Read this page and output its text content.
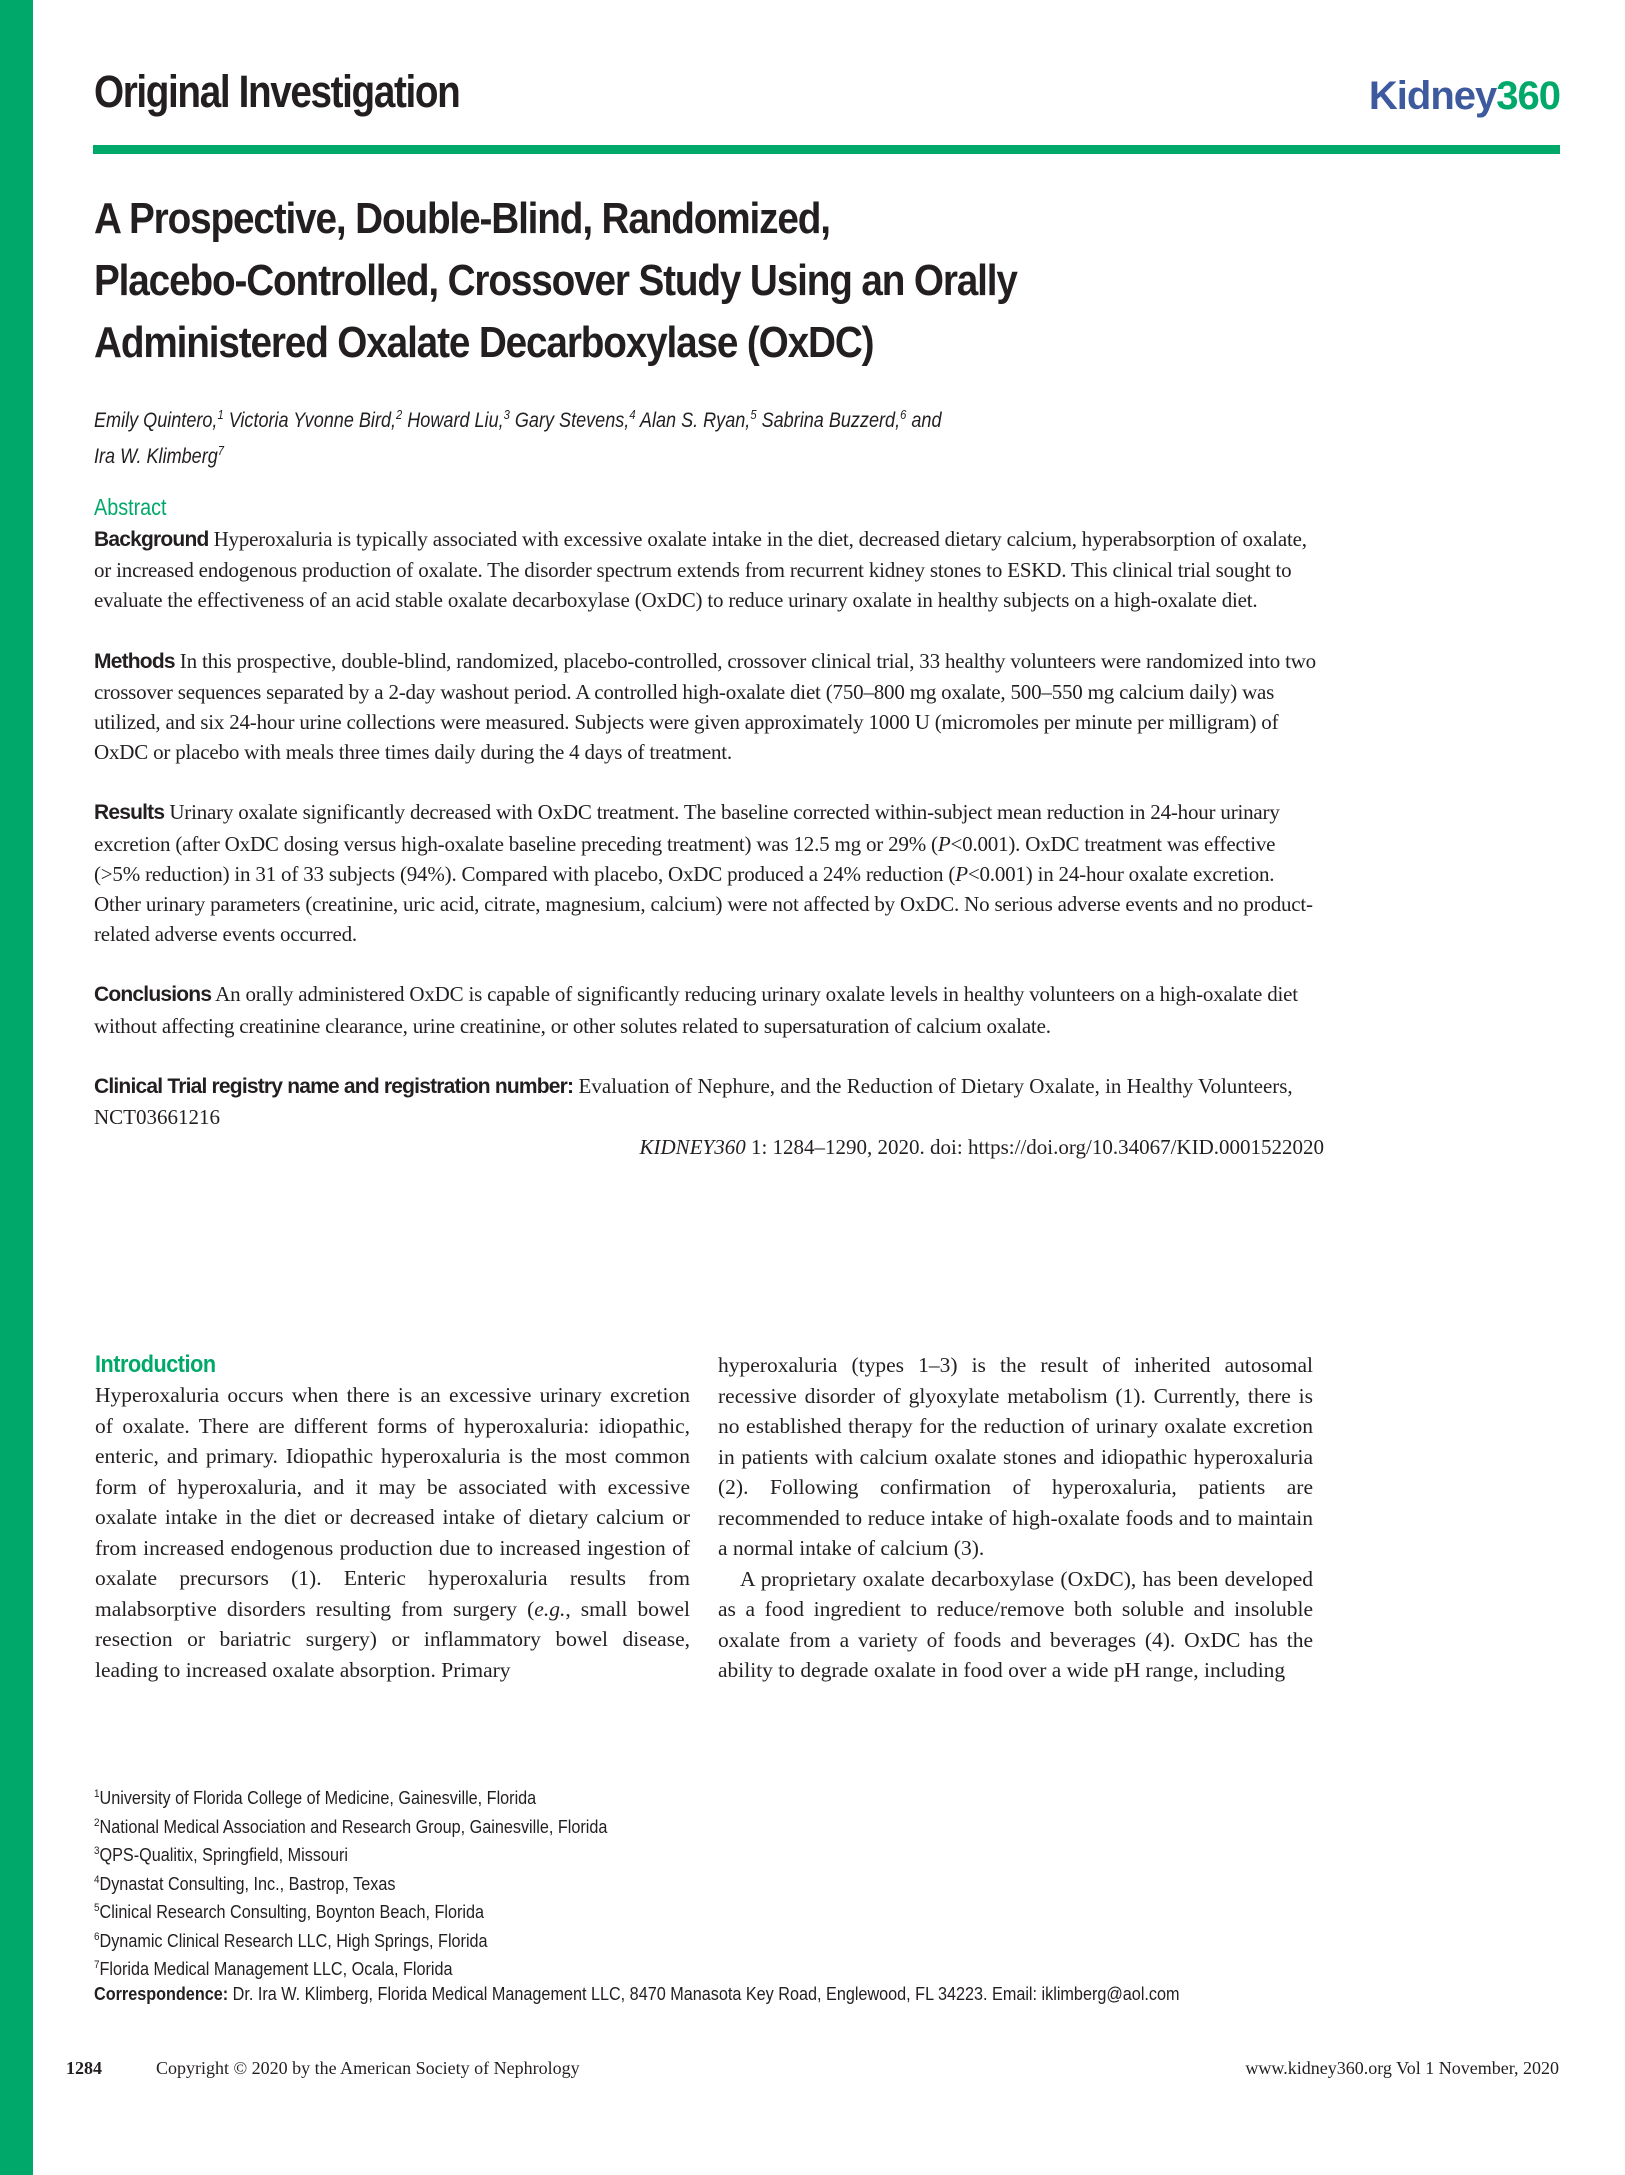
Original Investigation	Kidney360
A Prospective, Double-Blind, Randomized,
Placebo-Controlled, Crossover Study Using an Orally
Administered Oxalate Decarboxylase (OxDC)
Emily Quintero,$^1$ Victoria Yvonne Bird,$^2$ Howard Liu,$^3$ Gary Stevens,$^4$ Alan S. Ryan,$^5$ Sabrina Buzzerd,$^6$ and
Ira W. Klimberg$^7$
Abstract

Background Hyperoxaluria is typically associated with excessive oxalate intake in the diet, decreased dietary calcium, hyperabsorption of oxalate, or increased endogenous production of oxalate. The disorder spectrum extends from recurrent kidney stones to ESKD. This clinical trial sought to evaluate the effectiveness of an acid stable oxalate decarboxylase (OxDC) to reduce urinary oxalate in healthy subjects on a high-oxalate diet.

Methods In this prospective, double-blind, randomized, placebo-controlled, crossover clinical trial, 33 healthy volunteers were randomized into two crossover sequences separated by a 2-day washout period. A controlled high-oxalate diet (750–800 mg oxalate, 500–550 mg calcium daily) was utilized, and six 24-hour urine collections were measured. Subjects were given approximately 1000 U (micromoles per minute per milligram) of OxDC or placebo with meals three times daily during the 4 days of treatment.

Results Urinary oxalate significantly decreased with OxDC treatment. The baseline corrected within-subject mean reduction in 24-hour urinary excretion (after OxDC dosing versus high-oxalate baseline preceding treatment) was 12.5 mg or 29% (P<0.001). OxDC treatment was effective (>5% reduction) in 31 of 33 subjects (94%). Compared with placebo, OxDC produced a 24% reduction (P<0.001) in 24-hour oxalate excretion. Other urinary parameters (creatinine, uric acid, citrate, magnesium, calcium) were not affected by OxDC. No serious adverse events and no product-related adverse events occurred.

Conclusions An orally administered OxDC is capable of significantly reducing urinary oxalate levels in healthy volunteers on a high-oxalate diet without affecting creatinine clearance, urine creatinine, or other solutes related to supersaturation of calcium oxalate.

Clinical Trial registry name and registration number: Evaluation of Nephure, and the Reduction of Dietary Oxalate, in Healthy Volunteers, NCT03661216

KIDNEY360 1: 1284–1290, 2020. doi: https://doi.org/10.34067/KID.0001522020
Introduction

Hyperoxaluria occurs when there is an excessive urinary excretion of oxalate. There are different forms of hyperoxaluria: idiopathic, enteric, and primary. Idiopathic hyperoxaluria is the most common form of hyperoxaluria, and it may be associated with excessive oxalate intake in the diet or decreased intake of dietary calcium or from increased endogenous production due to increased ingestion of oxalate precursors (1). Enteric hyperoxaluria results from malabsorptive disorders resulting from surgery (e.g., small bowel resection or bariatric surgery) or inflammatory bowel disease, leading to increased oxalate absorption. Primary

hyperoxaluria (types 1–3) is the result of inherited autosomal recessive disorder of glyoxylate metabolism (1). Currently, there is no established therapy for the reduction of urinary oxalate excretion in patients with calcium oxalate stones and idiopathic hyperoxaluria (2). Following confirmation of hyperoxaluria, patients are recommended to reduce intake of high-oxalate foods and to maintain a normal intake of calcium (3).

A proprietary oxalate decarboxylase (OxDC), has been developed as a food ingredient to reduce/remove both soluble and insoluble oxalate from a variety of foods and beverages (4). OxDC has the ability to degrade oxalate in food over a wide pH range, including

$^1$University of Florida College of Medicine, Gainesville, Florida
$^2$National Medical Association and Research Group, Gainesville, Florida
$^3$QPS-Qualitix, Springfield, Missouri
$^4$Dynastat Consulting, Inc., Bastrop, Texas
$^5$Clinical Research Consulting, Boynton Beach, Florida
$^6$Dynamic Clinical Research LLC, High Springs, Florida
$^7$Florida Medical Management LLC, Ocala, Florida
Correspondence: Dr. Ira W. Klimberg, Florida Medical Management LLC, 8470 Manasota Key Road, Englewood, FL 34223. Email: iklimberg@aol.com
1284	Copyright © 2020 by the American Society of Nephrology	www.kidney360.org Vol 1 November, 2020
